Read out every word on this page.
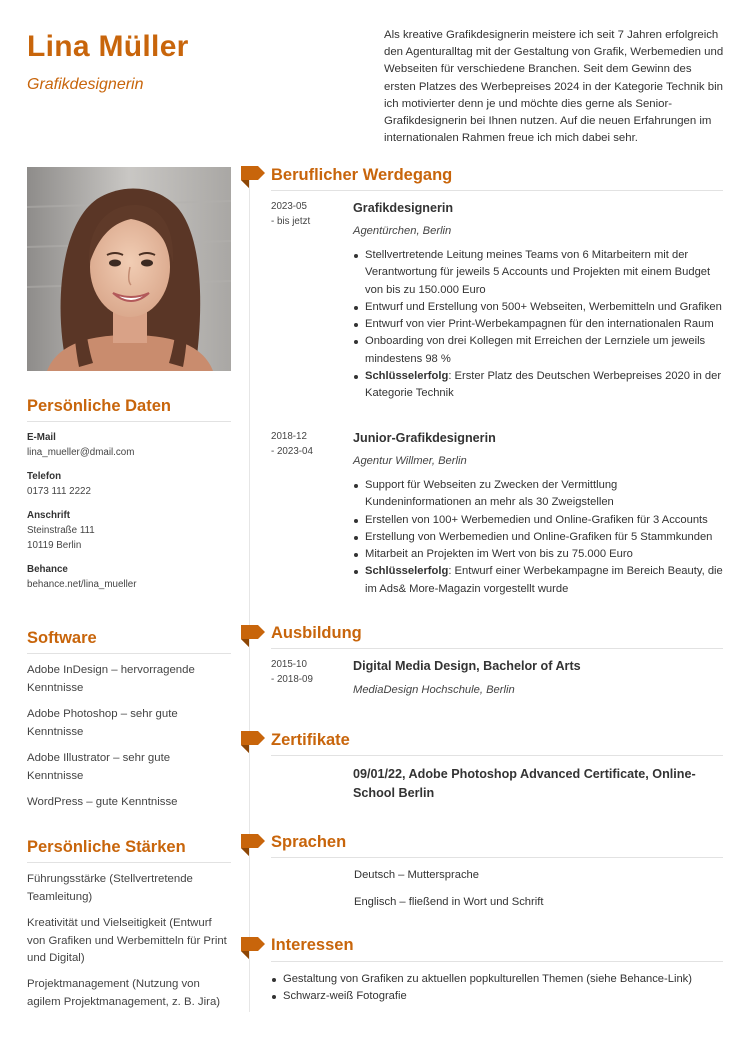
Lina Müller
Grafikdesignerin
Als kreative Grafikdesignerin meistere ich seit 7 Jahren erfolgreich den Agenturalltag mit der Gestaltung von Grafik, Werbemedien und Webseiten für verschiedene Branchen. Seit dem Gewinn des ersten Platzes des Werbepreises 2024 in der Kategorie Technik bin ich motivierter denn je und möchte dies gerne als Senior-Grafikdesignerin bei Ihnen nutzen. Auf die neuen Erfahrungen im internationalen Rahmen freue ich mich dabei sehr.
Persönliche Daten
E-Mail
lina_mueller@dmail.com
Telefon
0173 111 2222
Anschrift
Steinstraße 111
10119 Berlin
Behance
behance.net/lina_mueller
Software
Adobe InDesign – hervorragende Kenntnisse
Adobe Photoshop – sehr gute Kenntnisse
Adobe Illustrator – sehr gute Kenntnisse
WordPress – gute Kenntnisse
Persönliche Stärken
Führungsstärke (Stellvertretende Teamleitung)
Kreativität und Vielseitigkeit (Entwurf von Grafiken und Werbemitteln für Print und Digital)
Projektmanagement (Nutzung von agilem Projektmanagement, z. B. Jira)
Beruflicher Werdegang
2023-05
- bis jetzt
Grafikdesignerin
Agentürchen, Berlin
Stellvertretende Leitung meines Teams von 6 Mitarbeitern mit der Verantwortung für jeweils 5 Accounts und Projekten mit einem Budget von bis zu 150.000 Euro
Entwurf und Erstellung von 500+ Webseiten, Werbemitteln und Grafiken
Entwurf von vier Print-Werbekampagnen für den internationalen Raum
Onboarding von drei Kollegen mit Erreichen der Lernziele um jeweils mindestens 98 %
Schlüsselerfolg: Erster Platz des Deutschen Werbepreises 2020 in der Kategorie Technik
2018-12
- 2023-04
Junior-Grafikdesignerin
Agentur Willmer, Berlin
Support für Webseiten zu Zwecken der Vermittlung Kundeninformationen an mehr als 30 Zweigstellen
Erstellen von 100+ Werbemedien und Online-Grafiken für 3 Accounts
Erstellung von Werbemedien und Online-Grafiken für 5 Stammkunden
Mitarbeit an Projekten im Wert von bis zu 75.000 Euro
Schlüsselerfolg: Entwurf einer Werbekampagne im Bereich Beauty, die im Ads& More-Magazin vorgestellt wurde
Ausbildung
2015-10
- 2018-09
Digital Media Design, Bachelor of Arts
MediaDesign Hochschule, Berlin
Zertifikate
09/01/22, Adobe Photoshop Advanced Certificate, Online-School Berlin
Sprachen
Deutsch – Muttersprache
Englisch – fließend in Wort und Schrift
Interessen
Gestaltung von Grafiken zu aktuellen popkulturellen Themen (siehe Behance-Link)
Schwarz-weiß Fotografie
